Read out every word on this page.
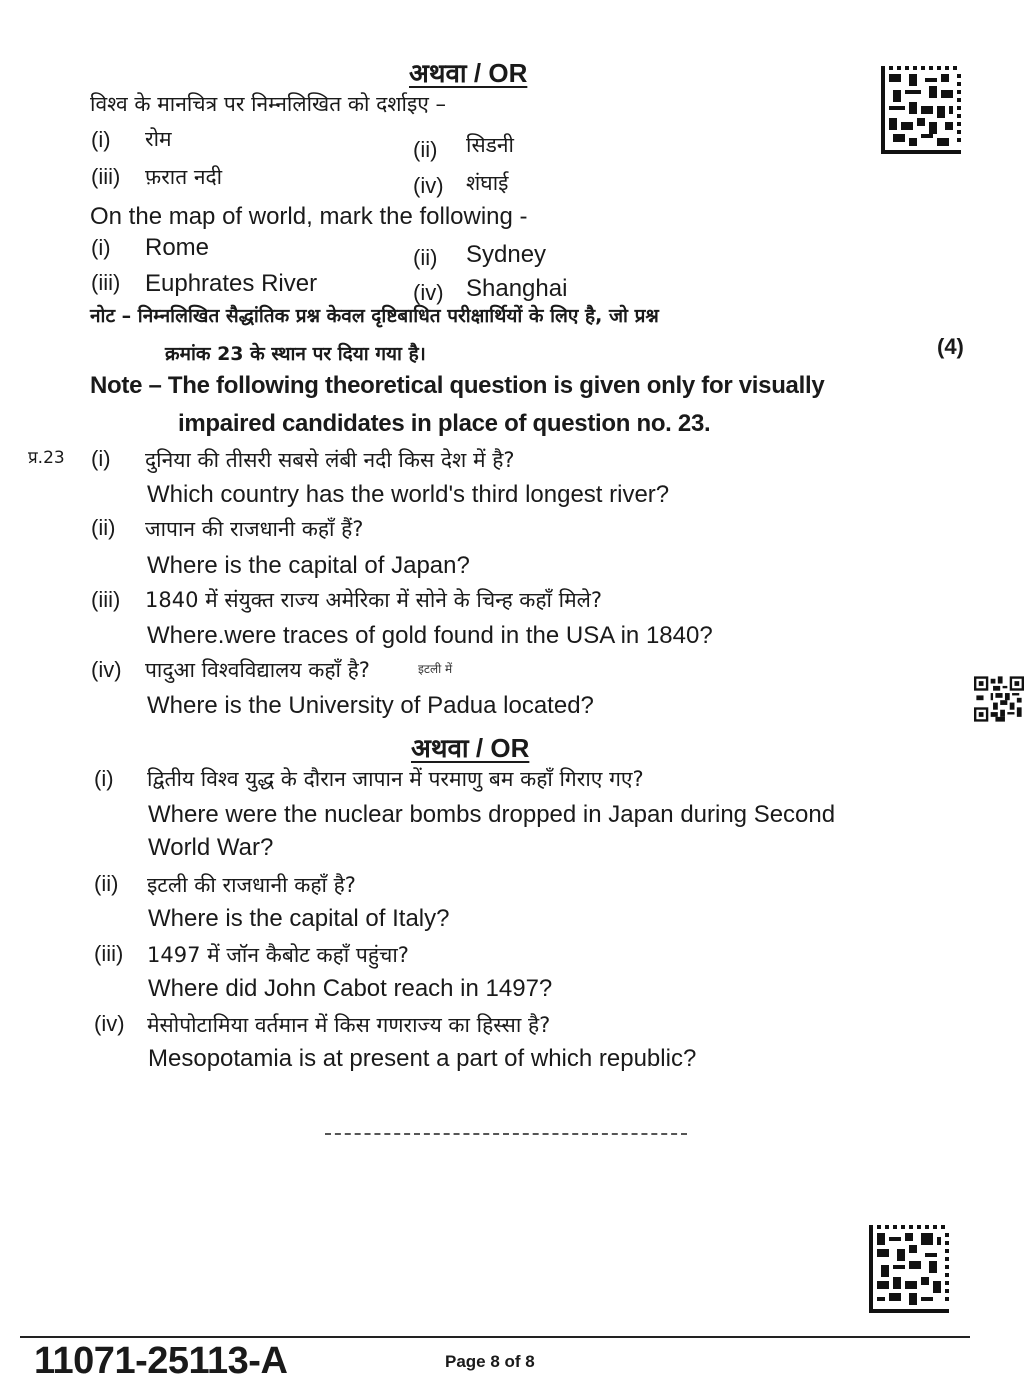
अथवा / OR
विश्व के मानचित्र पर निम्नलिखित को दर्शाइए –
(i) रोम	(ii) सिडनी
(iii) फ़रात नदी	(iv) शंघाई
On the map of world, mark the following -
(i) Rome	(ii) Sydney
(iii) Euphrates River	(iv) Shanghai
नोट – निम्नलिखित सैद्धांतिक प्रश्न केवल दृष्टिबाधित परीक्षार्थियों के लिए है, जो प्रश्न
क्रमांक 23 के स्थान पर दिया गया है।	(4)
Note – The following theoretical question is given only for visually
impaired candidates in place of question no. 23.
प्र.23 (i) दुनिया की तीसरी सबसे लंबी नदी किस देश में है?
Which country has the world's third longest river?
(ii) जापान की राजधानी कहाँ हैं?
Where is the capital of Japan?
(iii) 1840 में संयुक्त राज्य अमेरिका में सोने के चिन्ह कहाँ मिले?
Where.were traces of gold found in the USA in 1840?
(iv) पादुआ विश्वविद्यालय कहाँ है?	इटली में
Where is the University of Padua located?
अथवा / OR
(i) द्वितीय विश्व युद्ध के दौरान जापान में परमाणु बम कहाँ गिराए गए?
Where were the nuclear bombs dropped in Japan during Second
World War?
(ii) इटली की राजधानी कहाँ है?
Where is the capital of Italy?
(iii) 1497 में जॉन कैबोट कहाँ पहुंचा?
Where did John Cabot reach in 1497?
(iv) मेसोपोटामिया वर्तमान में किस गणराज्य का हिस्सा है?
Mesopotamia is at present a part of which republic?
11071-25113-A	Page 8 of 8
